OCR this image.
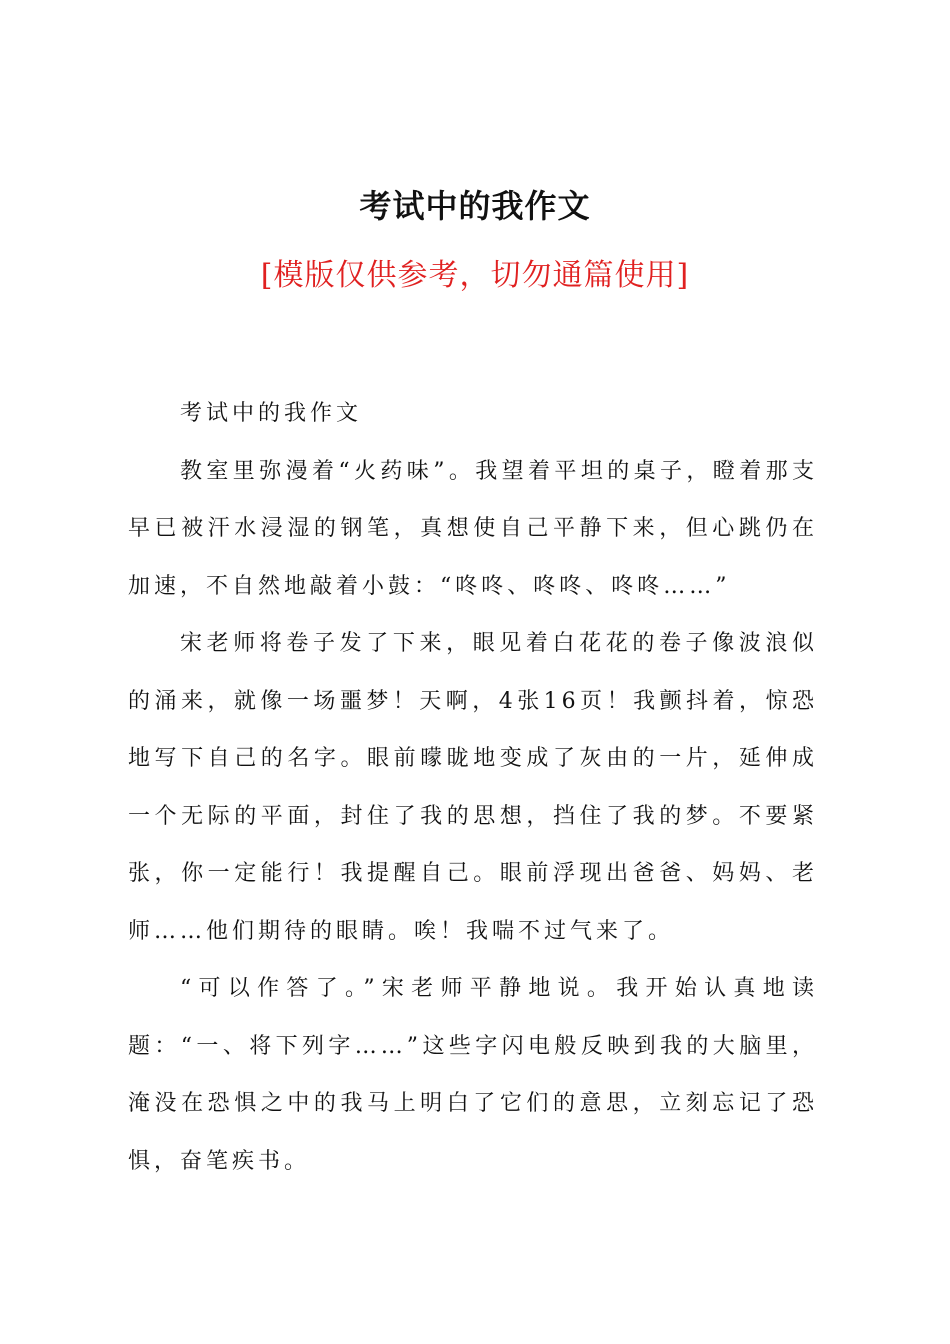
考试中的我作文

[模版仅供参考，切勿通篇使用]

考试中的我作文

教室里弥漫着“火药味”。我望着平坦的桌子，瞪着那支早已被汗水浸湿的钢笔，真想使自己平静下来，但心跳仍在加速，不自然地敲着小鼓：“咚咚、咚咚、咚咚……”

宋老师将卷子发了下来，眼见着白花花的卷子像波浪似的涌来，就像一场噩梦！天啊，4张16页！我颤抖着，惊恐地写下自己的名字。眼前曚昽地变成了灰由的一片，延伸成一个无际的平面，封住了我的思想，挡住了我的梦。不要紧张，你一定能行！我提醒自己。眼前浮现出爸爸、妈妈、老师……他们期待的眼睛。唉！我喘不过气来了。

“可以作答了。”宋老师平静地说。我开始认真地读题：“一、将下列字……”这些字闪电般反映到我的大脑里，淹没在恐惧之中的我马上明白了它们的意思，立刻忘记了恐惧，奋笔疾书。
